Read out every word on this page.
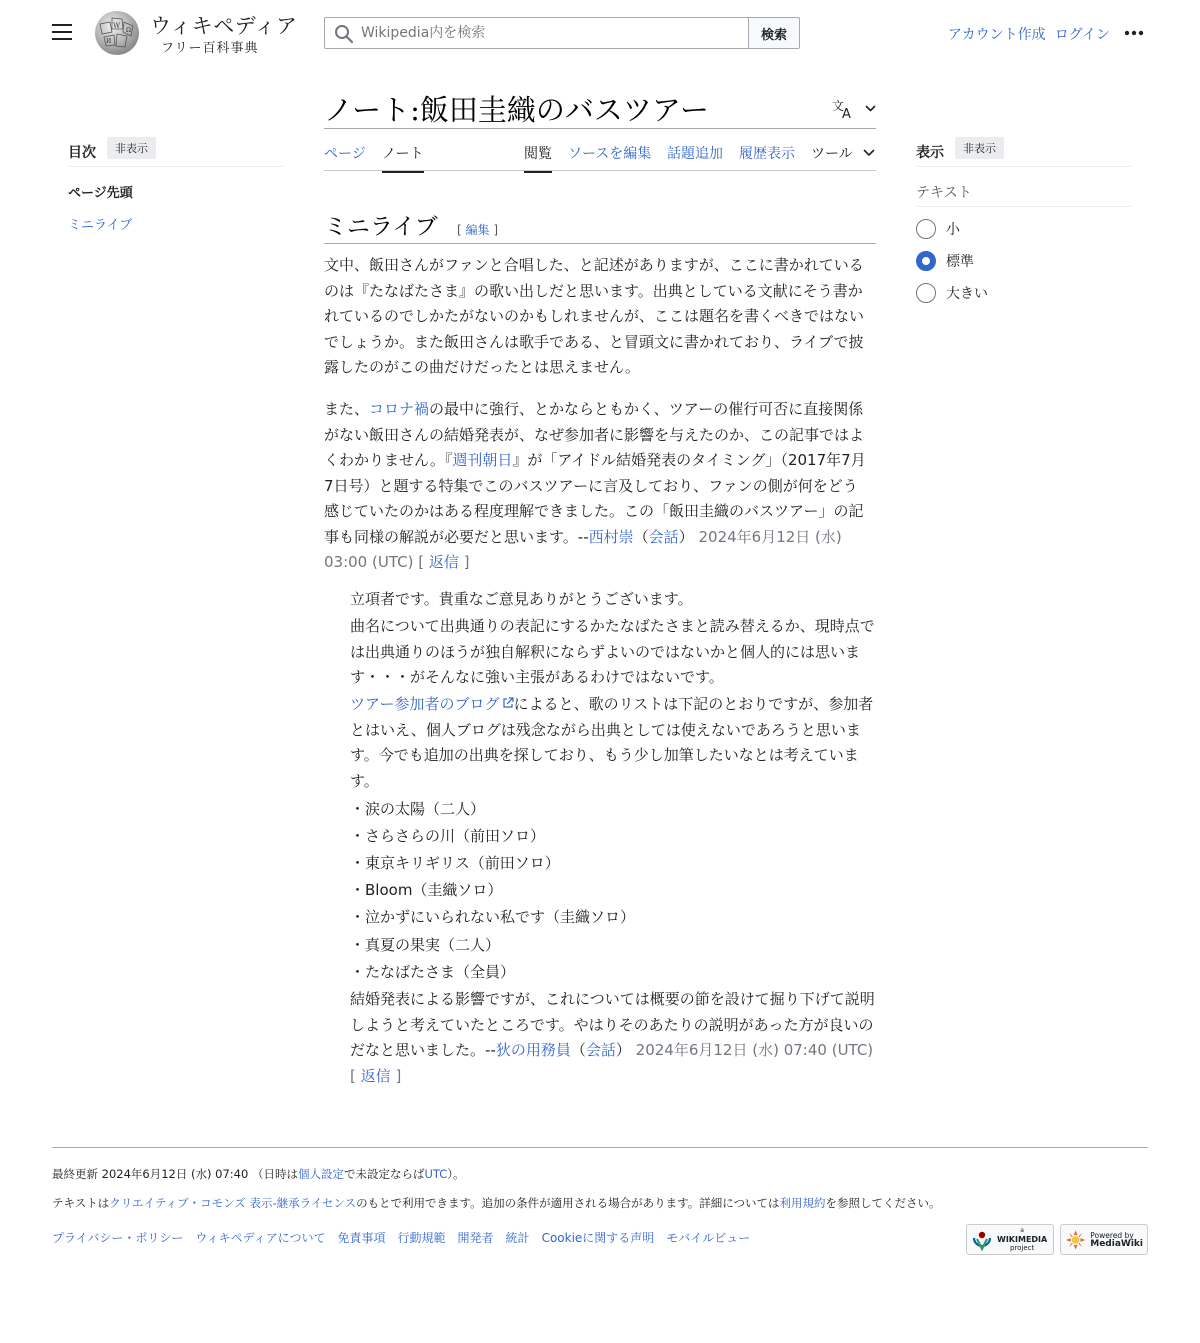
W
Ω
И
ウィキペディア
フリー百科事典
Wikipedia内を検索
検索	アカウント作成 ログイン
ノート:飯田圭織のバスツアー	文
A
ページ ノート	閲覧 ソースを編集 話題追加 履歴表示 ツール
目次	非表示
ページ先頭
ミニライブ
表示	非表示
テキスト
小
標準
大きい
ミニライブ [ 編集 ]
文中、飯田さんがファンと合唱した、と記述がありますが、ここに書かれているのは『たなばたさま』の歌い出しだと思います。出典としている文献にそう書かれているのでしかたがないのかもしれませんが、ここは題名を書くべきではないでしょうか。また飯田さんは歌手である、と冒頭文に書かれており、ライブで披露したのがこの曲だけだったとは思えません。
また、コロナ禍の最中に強行、とかならともかく、ツアーの催行可否に直接関係がない飯田さんの結婚発表が、なぜ参加者に影響を与えたのか、この記事ではよくわかりません。『週刊朝日』が「アイドル結婚発表のタイミング」（2017年7月7日号）と題する特集でこのバスツアーに言及しており、ファンの側が何をどう感じていたのかはある程度理解できました。この「飯田圭織のバスツアー」の記事も同様の解説が必要だと思います。--西村崇（会話） 2024年6月12日 (水) 03:00 (UTC) [ 返信 ]
立項者です。貴重なご意見ありがとうございます。
曲名について出典通りの表記にするかたなばたさまと読み替えるか、現時点では出典通りのほうが独自解釈にならずよいのではないかと個人的には思います・・・がそんなに強い主張があるわけではないです。
ツアー参加者のブログ によると、歌のリストは下記のとおりですが、参加者とはいえ、個人ブログは残念ながら出典としては使えないであろうと思います。今でも追加の出典を探しており、もう少し加筆したいなとは考えています。
・涙の太陽（二人）
・さらさらの川（前田ソロ）
・東京キリギリス（前田ソロ）
・Bloom（圭織ソロ）
・泣かずにいられない私です（圭織ソロ）
・真夏の果実（二人）
・たなばたさま（全員）
結婚発表による影響ですが、これについては概要の節を設けて掘り下げて説明しようと考えていたところです。やはりそのあたりの説明があった方が良いのだなと思いました。--狄の用務員（会話） 2024年6月12日 (水) 07:40 (UTC) [ 返信 ]
最終更新 2024年6月12日 (水) 07:40 （日時は個人設定で未設定ならばUTC）。
テキストはクリエイティブ・コモンズ 表示-継承ライセンスのもとで利用できます。追加の条件が適用される場合があります。詳細については利用規約を参照してください。
プライバシー・ポリシー ウィキペディアについて 免責事項 行動規範 開発者 統計 Cookieに関する声明 モバイルビュー
a
WIKIMEDIA
project
Powered by
MediaWiki
